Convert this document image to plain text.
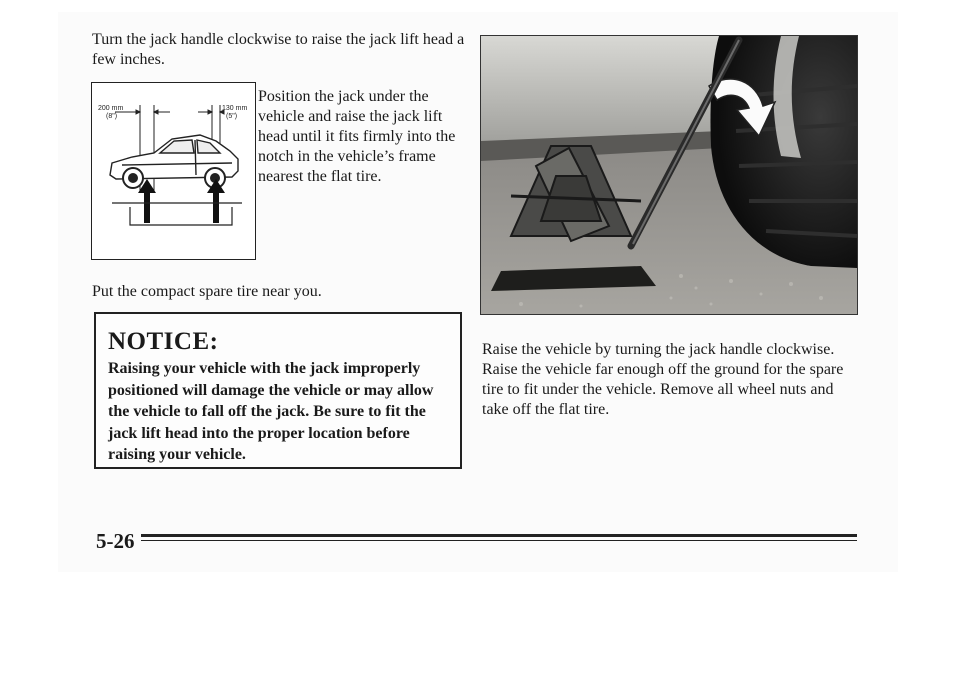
Turn the jack handle clockwise to raise the jack lift head a few inches.

200 mm
(8")
130 mm
(5")

Position the jack under the vehicle and raise the jack lift head until it fits firmly into the notch in the vehicle’s frame nearest the flat tire.

Put the compact spare tire near you.

NOTICE:

Raising your vehicle with the jack improperly positioned will damage the vehicle or may allow the vehicle to fall off the jack. Be sure to fit the jack lift head into the proper location before raising your vehicle.

Raise the vehicle by turning the jack handle clockwise. Raise the vehicle far enough off the ground for the spare tire to fit under the vehicle. Remove all wheel nuts and take off the flat tire.

5-26
